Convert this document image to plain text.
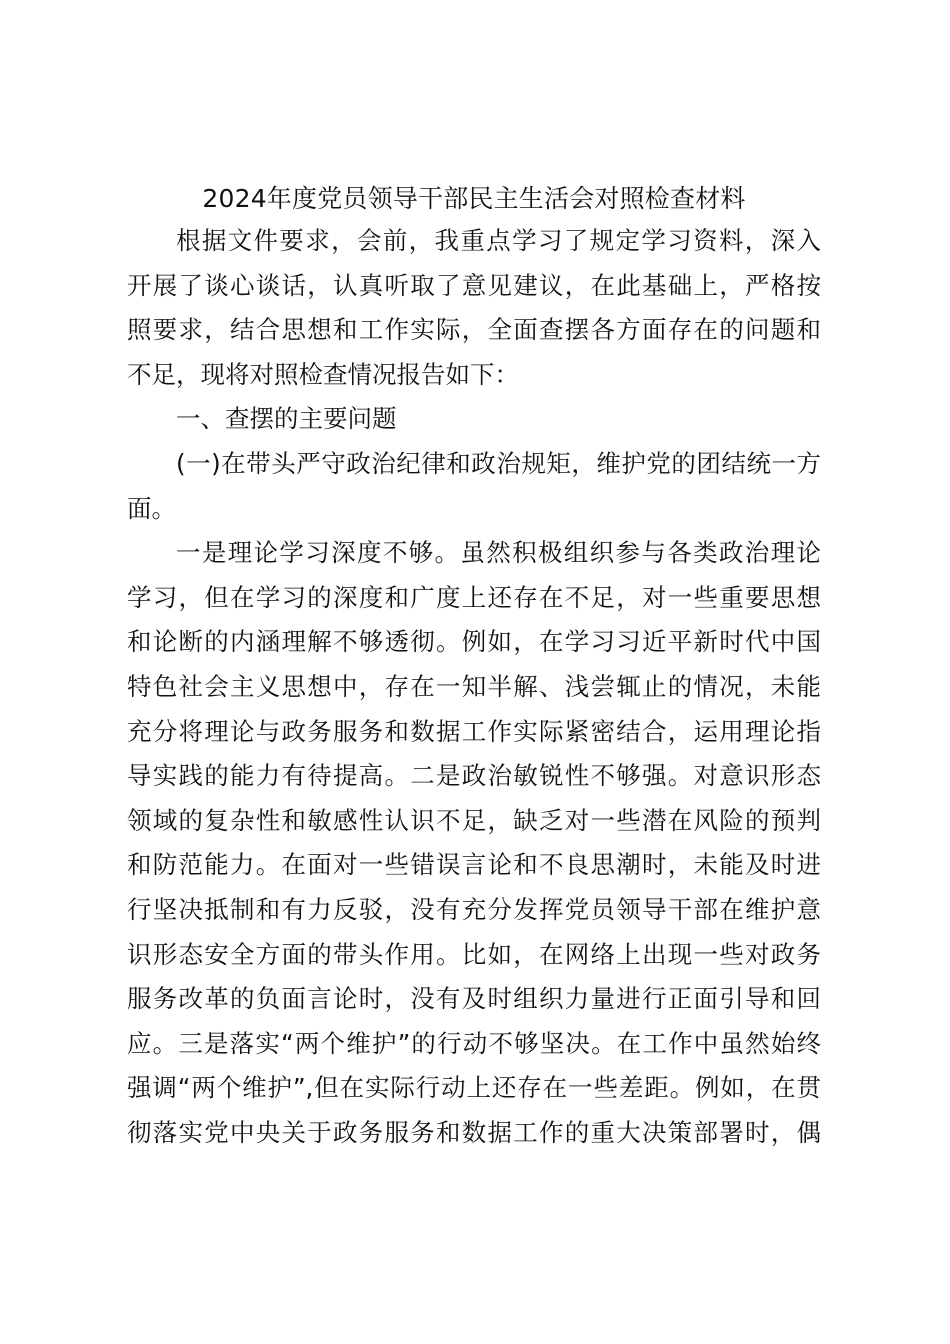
2024年度党员领导干部民主生活会对照检查材料
根据文件要求，会前，我重点学习了规定学习资料，深入
开展了谈心谈话，认真听取了意见建议，在此基础上，严格按
照要求，结合思想和工作实际，全面查摆各方面存在的问题和
不足，现将对照检查情况报告如下：
一、查摆的主要问题
(一)在带头严守政治纪律和政治规矩，维护党的团结统一方
面。
一是理论学习深度不够。虽然积极组织参与各类政治理论
学习，但在学习的深度和广度上还存在不足，对一些重要思想
和论断的内涵理解不够透彻。例如，在学习习近平新时代中国
特色社会主义思想中，存在一知半解、浅尝辄止的情况，未能
充分将理论与政务服务和数据工作实际紧密结合，运用理论指
导实践的能力有待提高。二是政治敏锐性不够强。对意识形态
领域的复杂性和敏感性认识不足，缺乏对一些潜在风险的预判
和防范能力。在面对一些错误言论和不良思潮时，未能及时进
行坚决抵制和有力反驳，没有充分发挥党员领导干部在维护意
识形态安全方面的带头作用。比如，在网络上出现一些对政务
服务改革的负面言论时，没有及时组织力量进行正面引导和回
应。三是落实“两个维护”的行动不够坚决。在工作中虽然始终
强调“两个维护”,但在实际行动上还存在一些差距。例如，在贯
彻落实党中央关于政务服务和数据工作的重大决策部署时，偶
